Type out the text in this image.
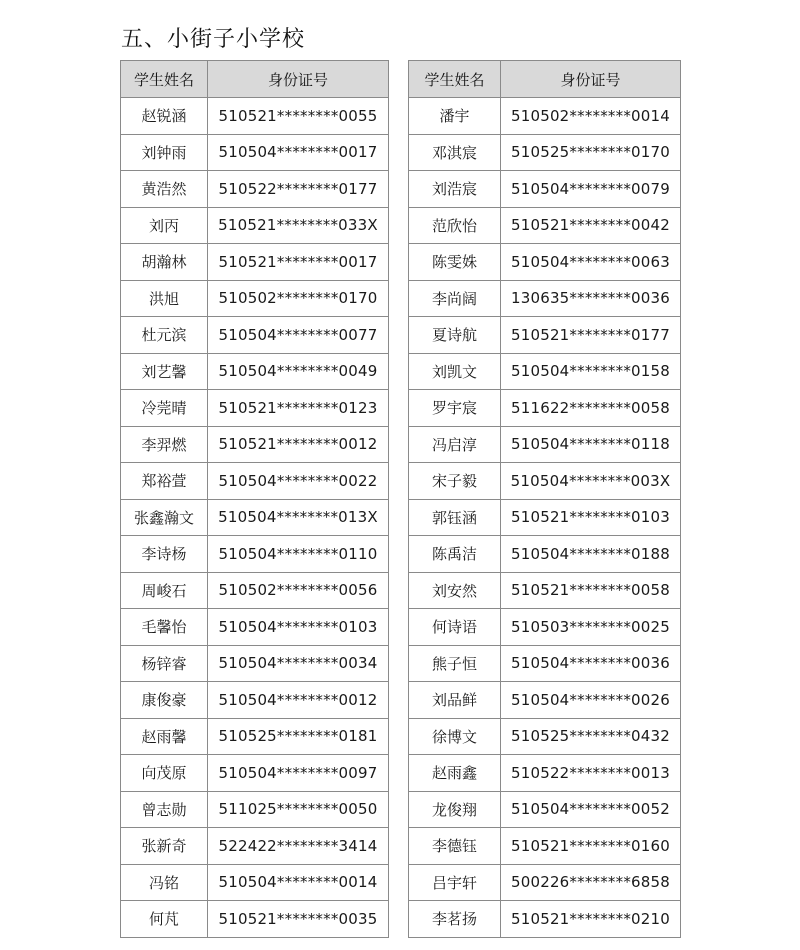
五、小街子小学校
学生姓名	身份证号
赵锐涵	510521********0055
刘钟雨	510504********0017
黄浩然	510522********0177
刘丙	510521********033X
胡瀚林	510521********0017
洪旭	510502********0170
杜元滨	510504********0077
刘艺馨	510504********0049
冷莞晴	510521********0123
李羿燃	510521********0012
郑裕萱	510504********0022
张鑫瀚文	510504********013X
李诗杨	510504********0110
周峻石	510502********0056
毛馨怡	510504********0103
杨锌睿	510504********0034
康俊豪	510504********0012
赵雨馨	510525********0181
向茂原	510504********0097
曾志勋	511025********0050
张新奇	522422********3414
冯铭	510504********0014
何芃	510521********0035
学生姓名	身份证号
潘宇	510502********0014
邓淇宸	510525********0170
刘浩宸	510504********0079
范欣怡	510521********0042
陈雯姝	510504********0063
李尚阔	130635********0036
夏诗航	510521********0177
刘凯文	510504********0158
罗宇宸	511622********0058
冯启淳	510504********0118
宋子毅	510504********003X
郭钰涵	510521********0103
陈禹洁	510504********0188
刘安然	510521********0058
何诗语	510503********0025
熊子恒	510504********0036
刘品鲜	510504********0026
徐博文	510525********0432
赵雨鑫	510522********0013
龙俊翔	510504********0052
李德钰	510521********0160
吕宇轩	500226********6858
李茗扬	510521********0210
